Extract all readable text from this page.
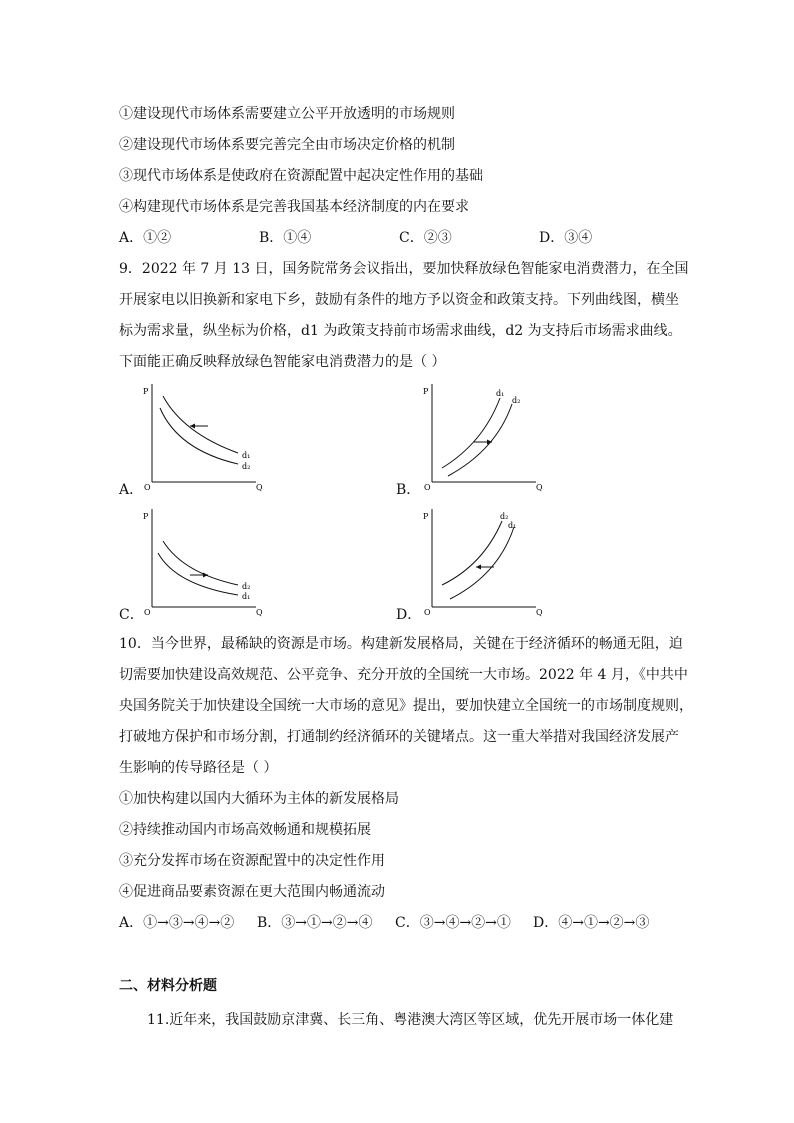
①建设现代市场体系需要建立公平开放透明的市场规则
②建设现代市场体系要完善完全由市场决定价格的机制
③现代市场体系是使政府在资源配置中起决定性作用的基础
④构建现代市场体系是完善我国基本经济制度的内在要求
A．①②	B．①④	C．②③	D．③④
9．2022 年 7 月 13 日，国务院常务会议指出，要加快释放绿色智能家电消费潜力，在全国
开展家电以旧换新和家电下乡，鼓励有条件的地方予以资金和政策支持。下列曲线图，横坐
标为需求量，纵坐标为价格，d1 为政策支持前市场需求曲线，d2 为支持后市场需求曲线。
下面能正确反映释放绿色智能家电消费潜力的是（ ）
A．	B．
C．	D．
P
O	Q
d₁
d₂
P
O	Q
d₁
d₂
P
O	Q
d₂
d₁
P
O	Q
d₂
d₁
10．当今世界，最稀缺的资源是市场。构建新发展格局，关键在于经济循环的畅通无阻，迫
切需要加快建设高效规范、公平竞争、充分开放的全国统一大市场。2022 年 4 月，《中共中
央国务院关于加快建设全国统一大市场的意见》提出，要加快建立全国统一的市场制度规则，
打破地方保护和市场分割，打通制约经济循环的关键堵点。这一重大举措对我国经济发展产
生影响的传导路径是（ ）
①加快构建以国内大循环为主体的新发展格局
②持续推动国内市场高效畅通和规模拓展
③充分发挥市场在资源配置中的决定性作用
④促进商品要素资源在更大范围内畅通流动
A．①→③→④→② B．③→①→②→④ C．③→④→②→① D．④→①→②→③
二、材料分析题
11.近年来，我国鼓励京津冀、长三角、粤港澳大湾区等区域，优先开展市场一体化建
